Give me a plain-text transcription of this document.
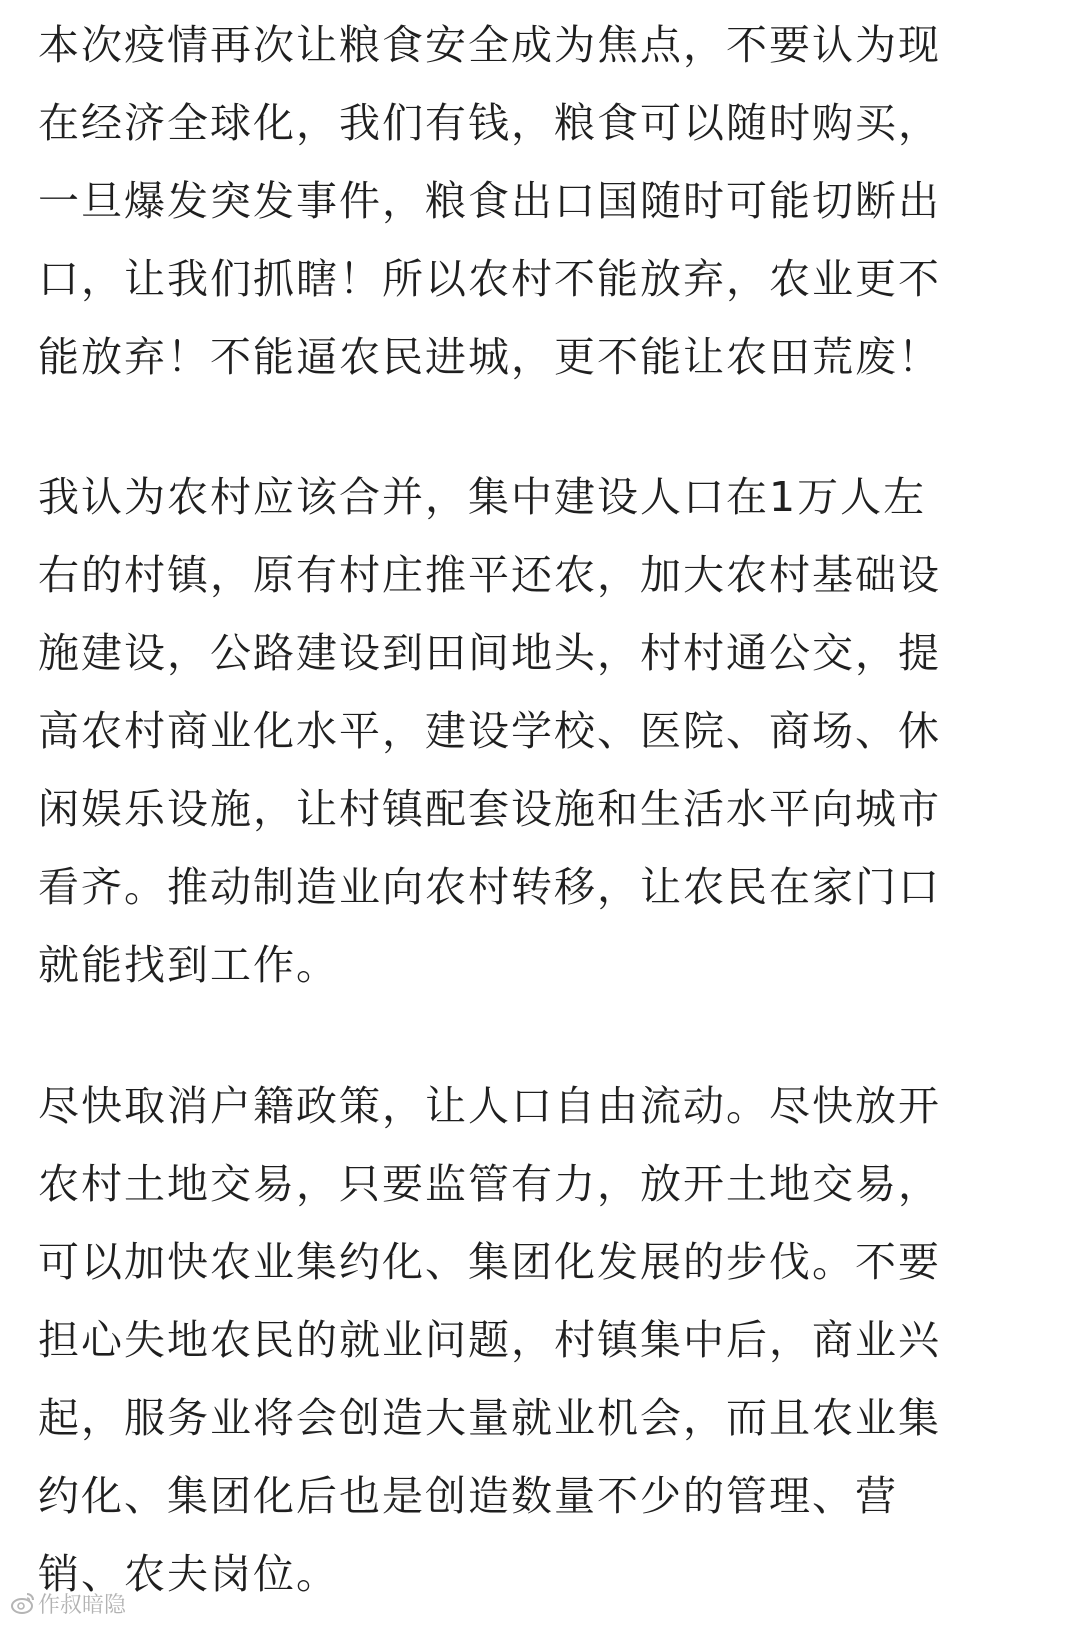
本次疫情再次让粮食安全成为焦点，不要认为现
在经济全球化，我们有钱，粮食可以随时购买，
一旦爆发突发事件，粮食出口国随时可能切断出
口，让我们抓瞎！所以农村不能放弃，农业更不
能放弃！不能逼农民进城，更不能让农田荒废！

我认为农村应该合并，集中建设人口在1万人左
右的村镇，原有村庄推平还农，加大农村基础设
施建设，公路建设到田间地头，村村通公交，提
高农村商业化水平，建设学校、医院、商场、休
闲娱乐设施，让村镇配套设施和生活水平向城市
看齐。推动制造业向农村转移，让农民在家门口
就能找到工作。

尽快取消户籍政策，让人口自由流动。尽快放开
农村土地交易，只要监管有力，放开土地交易，
可以加快农业集约化、集团化发展的步伐。不要
担心失地农民的就业问题，村镇集中后，商业兴
起，服务业将会创造大量就业机会，而且农业集
约化、集团化后也是创造数量不少的管理、营
销、农夫岗位。

作叔暗隐
